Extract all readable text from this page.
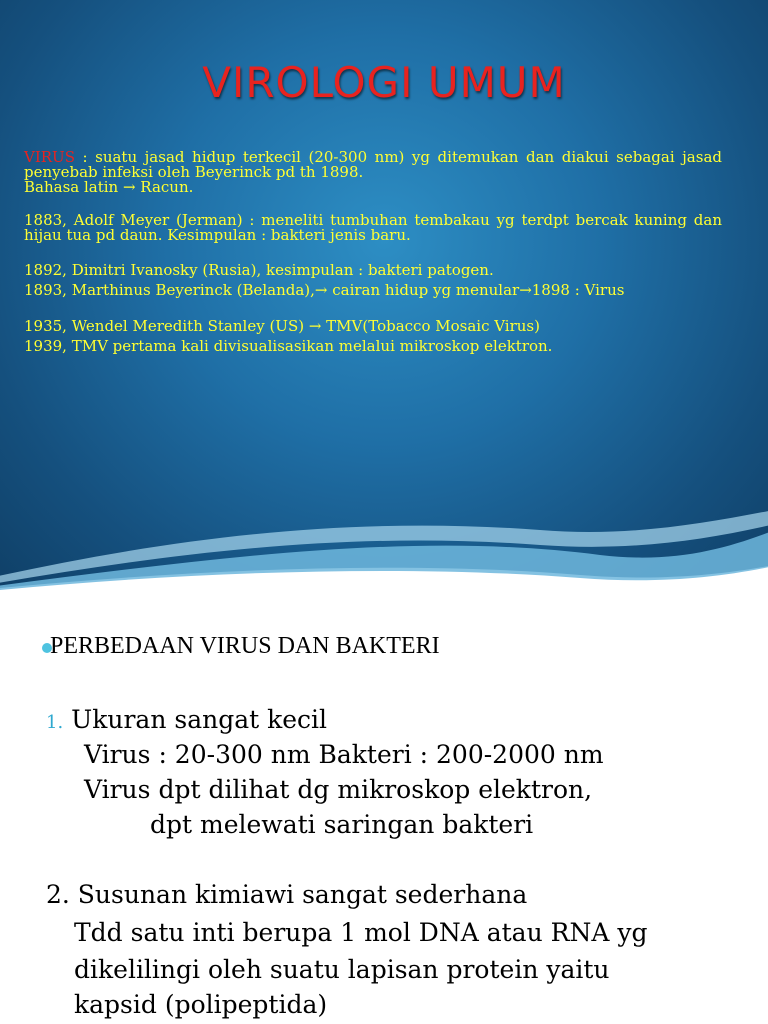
VIROLOGI UMUM

VIRUS : suatu jasad hidup terkecil (20-300 nm) yg ditemukan dan diakui sebagai jasad penyebab infeksi oleh Beyerinck pd th 1898.

Bahasa latin → Racun.

1883, Adolf Meyer (Jerman) : meneliti tumbuhan tembakau yg terdpt bercak kuning dan hijau tua pd daun. Kesimpulan : bakteri jenis baru.

1892, Dimitri Ivanosky (Rusia), kesimpulan : bakteri patogen.

1893, Marthinus Beyerinck (Belanda),→ cairan hidup yg menular→1898 : Virus

1935, Wendel Meredith Stanley (US) → TMV(Tobacco Mosaic Virus)

1939, TMV pertama kali divisualisasikan melalui mikroskop elektron.

PERBEDAAN VIRUS DAN BAKTERI
1. Ukuran sangat kecil
Virus : 20-300 nm Bakteri : 200-2000 nm
Virus dpt dilihat dg mikroskop elektron,
dpt melewati saringan bakteri
2. Susunan kimiawi sangat sederhana
Tdd satu inti berupa 1 mol DNA atau RNA yg
dikelilingi oleh suatu lapisan protein yaitu
kapsid (polipeptida)
